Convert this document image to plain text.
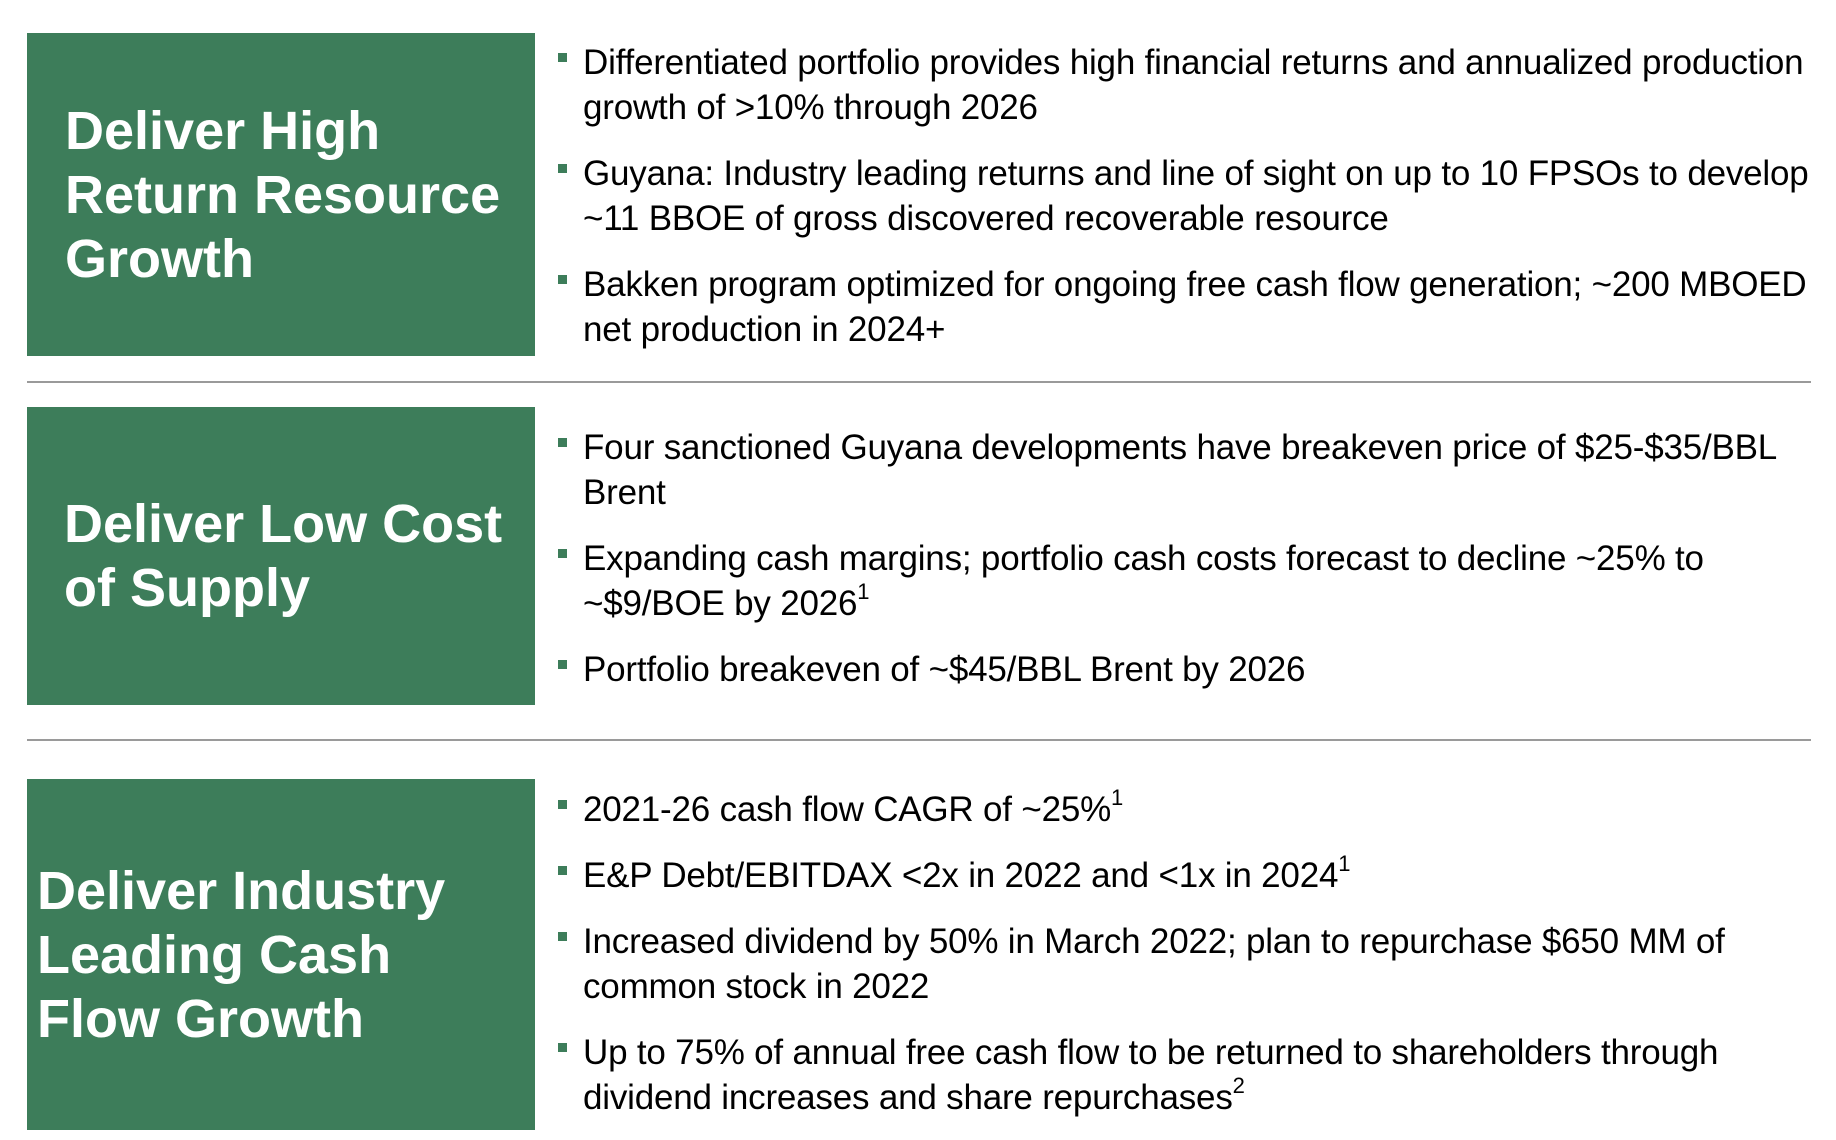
Deliver High Return Resource Growth
Differentiated portfolio provides high financial returns and annualized production growth of >10% through 2026
Guyana: Industry leading returns and line of sight on up to 10 FPSOs to develop ~11 BBOE of gross discovered recoverable resource
Bakken program optimized for ongoing free cash flow generation; ~200 MBOED net production in 2024+
Deliver Low Cost of Supply
Four sanctioned Guyana developments have breakeven price of $25-$35/BBL Brent
Expanding cash margins; portfolio cash costs forecast to decline ~25% to ~$9/BOE by 2026$^1$
Portfolio breakeven of ~$45/BBL Brent by 2026
Deliver Industry Leading Cash Flow Growth
2021-26 cash flow CAGR of ~25%$^1$
E&P Debt/EBITDAX <2x in 2022 and <1x in 2024$^1$
Increased dividend by 50% in March 2022; plan to repurchase $650 MM of common stock in 2022
Up to 75% of annual free cash flow to be returned to shareholders through dividend increases and share repurchases$^2$
